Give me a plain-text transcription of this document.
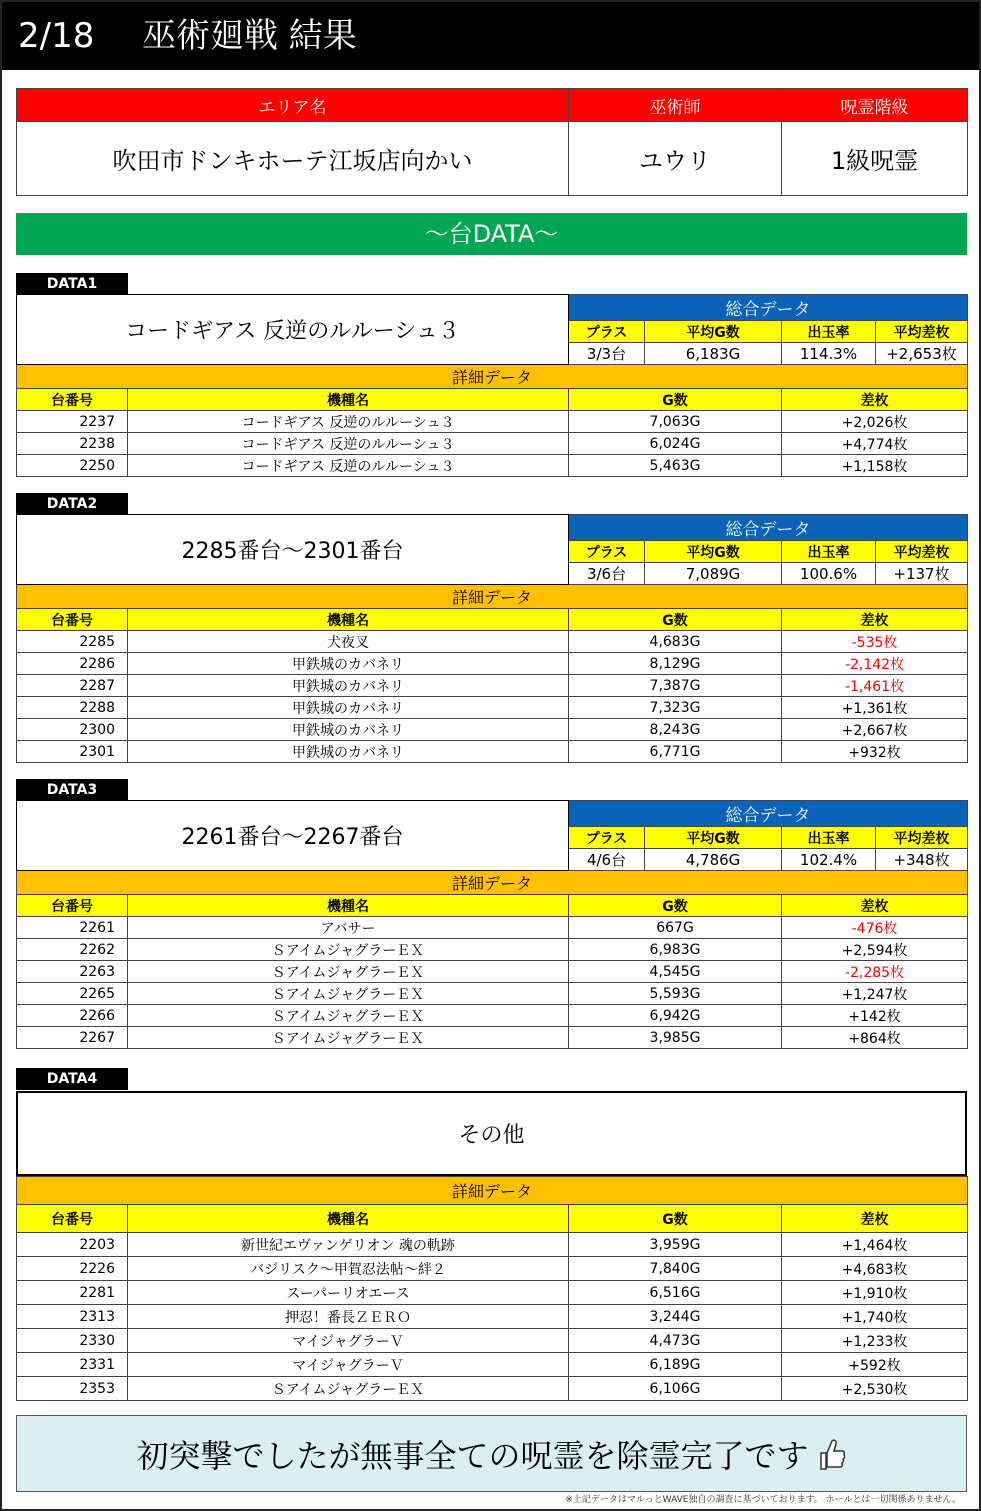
2/18 巫術廻戦 結果
エリア名	巫術師	呪霊階級
吹田市ドンキホーテ江坂店向かい	ユウリ	1級呪霊
～台DATA～
DATA1
コードギアス 反逆のルルーシュ３		総合データ			
		プラス	平均G数	出玉率	平均差枚
		3/3台	6,183G	114.3%	+2,653枚
詳細データ					
台番号	機種名	G数		差枚	
2237	コードギアス 反逆のルルーシュ３	7,063G		+2,026枚	
2238	コードギアス 反逆のルルーシュ３	6,024G		+4,774枚	
2250	コードギアス 反逆のルルーシュ３	5,463G		+1,158枚	
DATA2
2285番台～2301番台		総合データ			
		プラス	平均G数	出玉率	平均差枚
		3/6台	7,089G	100.6%	+137枚
詳細データ					
台番号	機種名	G数		差枚	
2285	犬夜叉	4,683G		-535枚	
2286	甲鉄城のカバネリ	8,129G		-2,142枚	
2287	甲鉄城のカバネリ	7,387G		-1,461枚	
2288	甲鉄城のカバネリ	7,323G		+1,361枚	
2300	甲鉄城のカバネリ	8,243G		+2,667枚	
2301	甲鉄城のカバネリ	6,771G		+932枚	
DATA3
2261番台～2267番台		総合データ			
		プラス	平均G数	出玉率	平均差枚
		4/6台	4,786G	102.4%	+348枚
詳細データ					
台番号	機種名	G数		差枚	
2261	アバサー	667G		-476枚	
2262	ＳアイムジャグラーＥＸ	6,983G		+2,594枚	
2263	ＳアイムジャグラーＥＸ	4,545G		-2,285枚	
2265	ＳアイムジャグラーＥＸ	5,593G		+1,247枚	
2266	ＳアイムジャグラーＥＸ	6,942G		+142枚	
2267	ＳアイムジャグラーＥＸ	3,985G		+864枚	
DATA4
その他
詳細データ			
台番号	機種名	G数	差枚
2203	新世紀エヴァンゲリオン 魂の軌跡	3,959G	+1,464枚
2226	バジリスク～甲賀忍法帖～絆２	7,840G	+4,683枚
2281	スーパーリオエース	6,516G	+1,910枚
2313	押忍！番長ＺＥＲＯ	3,244G	+1,740枚
2330	マイジャグラーＶ	4,473G	+1,233枚
2331	マイジャグラーＶ	6,189G	+592枚
2353	ＳアイムジャグラーＥＸ	6,106G	+2,530枚
初突撃でしたが無事全ての呪霊を除霊完了です
※上記データはマルっとWAVE独自の調査に基づいております。 ホールとは一切関係ありません。
